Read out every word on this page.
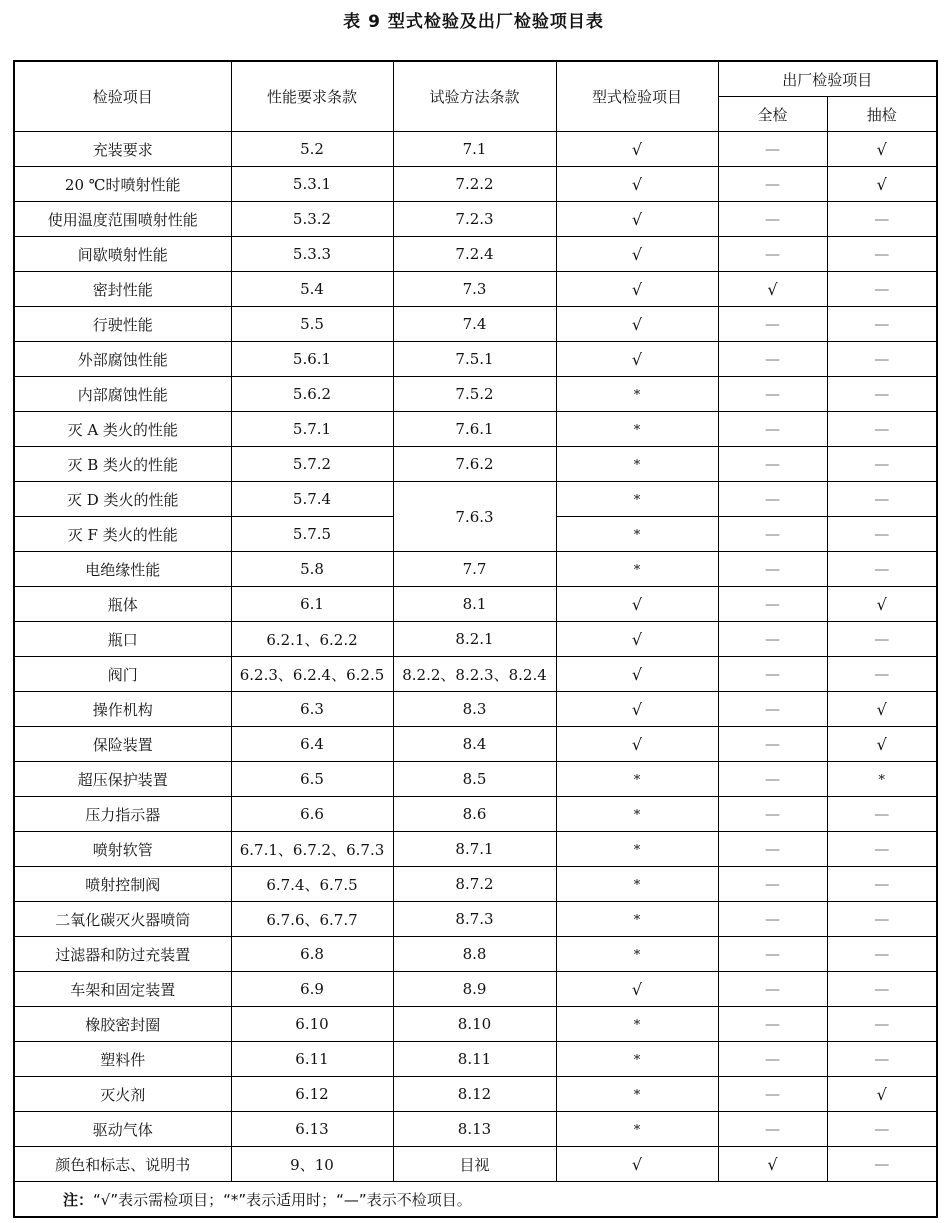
表 9 型式检验及出厂检验项目表
检验项目	性能要求条款	试验方法条款	型式检验项目	出厂检验项目	
				全检	抽检
充装要求	5.2	7.1	√	—	√
20 ℃时喷射性能	5.3.1	7.2.2	√	—	√
使用温度范围喷射性能	5.3.2	7.2.3	√	—	—
间歇喷射性能	5.3.3	7.2.4	√	—	—
密封性能	5.4	7.3	√	√	—
行驶性能	5.5	7.4	√	—	—
外部腐蚀性能	5.6.1	7.5.1	√	—	—
内部腐蚀性能	5.6.2	7.5.2	*	—	—
灭 A 类火的性能	5.7.1	7.6.1	*	—	—
灭 B 类火的性能	5.7.2	7.6.2	*	—	—
灭 D 类火的性能	5.7.4	7.6.3	*	—	—
灭 F 类火的性能	5.7.5		*	—	—
电绝缘性能	5.8	7.7	*	—	—
瓶体	6.1	8.1	√	—	√
瓶口	6.2.1、6.2.2	8.2.1	√	—	—
阀门	6.2.3、6.2.4、6.2.5	8.2.2、8.2.3、8.2.4	√	—	—
操作机构	6.3	8.3	√	—	√
保险装置	6.4	8.4	√	—	√
超压保护装置	6.5	8.5	*	—	*
压力指示器	6.6	8.6	*	—	—
喷射软管	6.7.1、6.7.2、6.7.3	8.7.1	*	—	—
喷射控制阀	6.7.4、6.7.5	8.7.2	*	—	—
二氧化碳灭火器喷筒	6.7.6、6.7.7	8.7.3	*	—	—
过滤器和防过充装置	6.8	8.8	*	—	—
车架和固定装置	6.9	8.9	√	—	—
橡胶密封圈	6.10	8.10	*	—	—
塑料件	6.11	8.11	*	—	—
灭火剂	6.12	8.12	*	—	√
驱动气体	6.13	8.13	*	—	—
颜色和标志、说明书	9、10	目视	√	√	—
注：“√”表示需检项目；“*”表示适用时；“—”表示不检项目。					
